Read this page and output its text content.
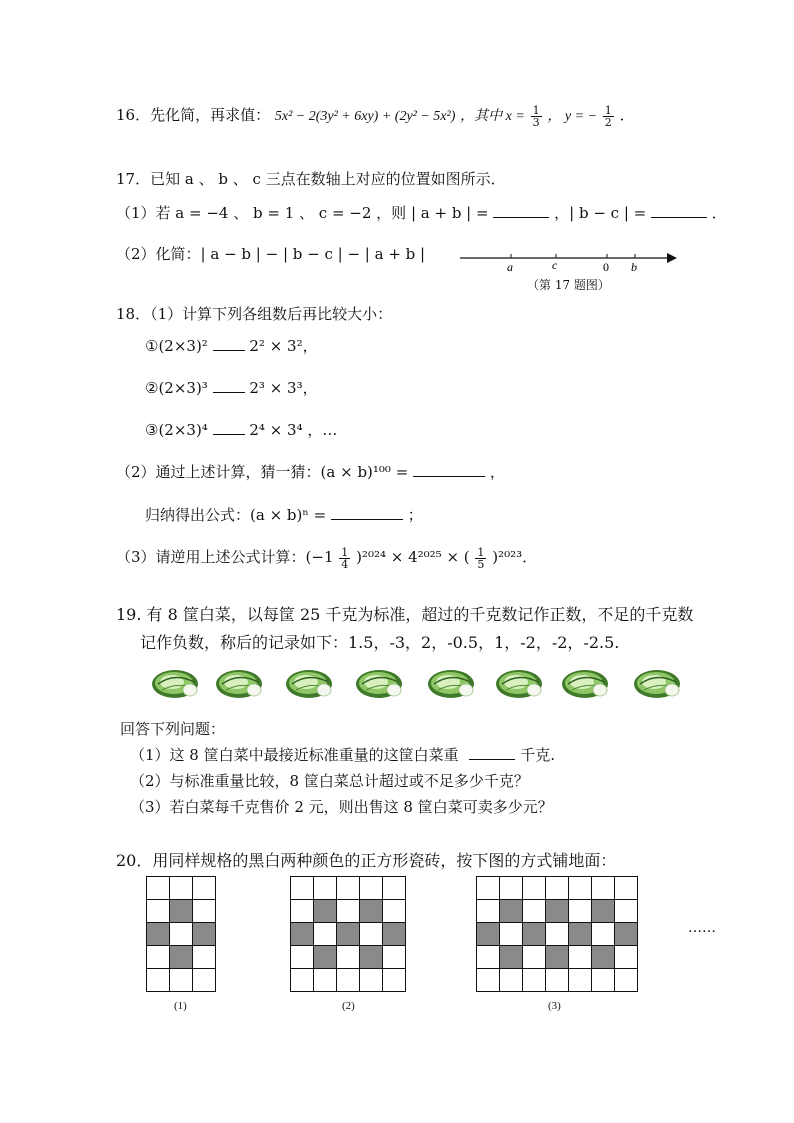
16．先化简，再求值： 5x² − 2(3y² + 6xy) + (2y² − 5x²) ，其中 $x = \frac{1}{3}$ ， y = − $\frac{1}{2}$ ．
17．已知 a 、 b 、 c 三点在数轴上对应的位置如图所示．
（1）若 a = −4 、 b = 1 、 c = −2 ，则 | a + b | =	，| b − c | =	．
（2）化简：| a − b | − | b − c | − | a + b |
a	c	0 b
（第 17 题图）
18．（1）计算下列各组数后再比较大小：
①(2×3)²	2² × 3²，
②(2×3)³	2³ × 3³，
③(2×3)⁴	2⁴ × 3⁴ ，…
（2）通过上述计算，猜一猜：(a × b)¹⁰⁰ =	，
归纳得出公式：(a × b)ⁿ =	；
（3）请逆用上述公式计算：$(-1 \frac{1}{4} )^{2024} \times 4^{2025}$ × ( $\frac{1}{5} )^{2023}$．
19. 有 8 筐白菜，以每筐 25 千克为标准，超过的千克数记作正数，不足的千克数
记作负数，称后的记录如下：1.5，-3，2，-0.5，1，-2，-2，-2.5.
回答下列问题：
（1）这 8 筐白菜中最接近标准重量的这筐白菜重	千克.
（2）与标准重量比较，8 筐白菜总计超过或不足多少千克？
（3）若白菜每千克售价 2 元，则出售这 8 筐白菜可卖多少元？
20．用同样规格的黑白两种颜色的正方形瓷砖，按下图的方式铺地面：
(1)	(2)	(3)
……
